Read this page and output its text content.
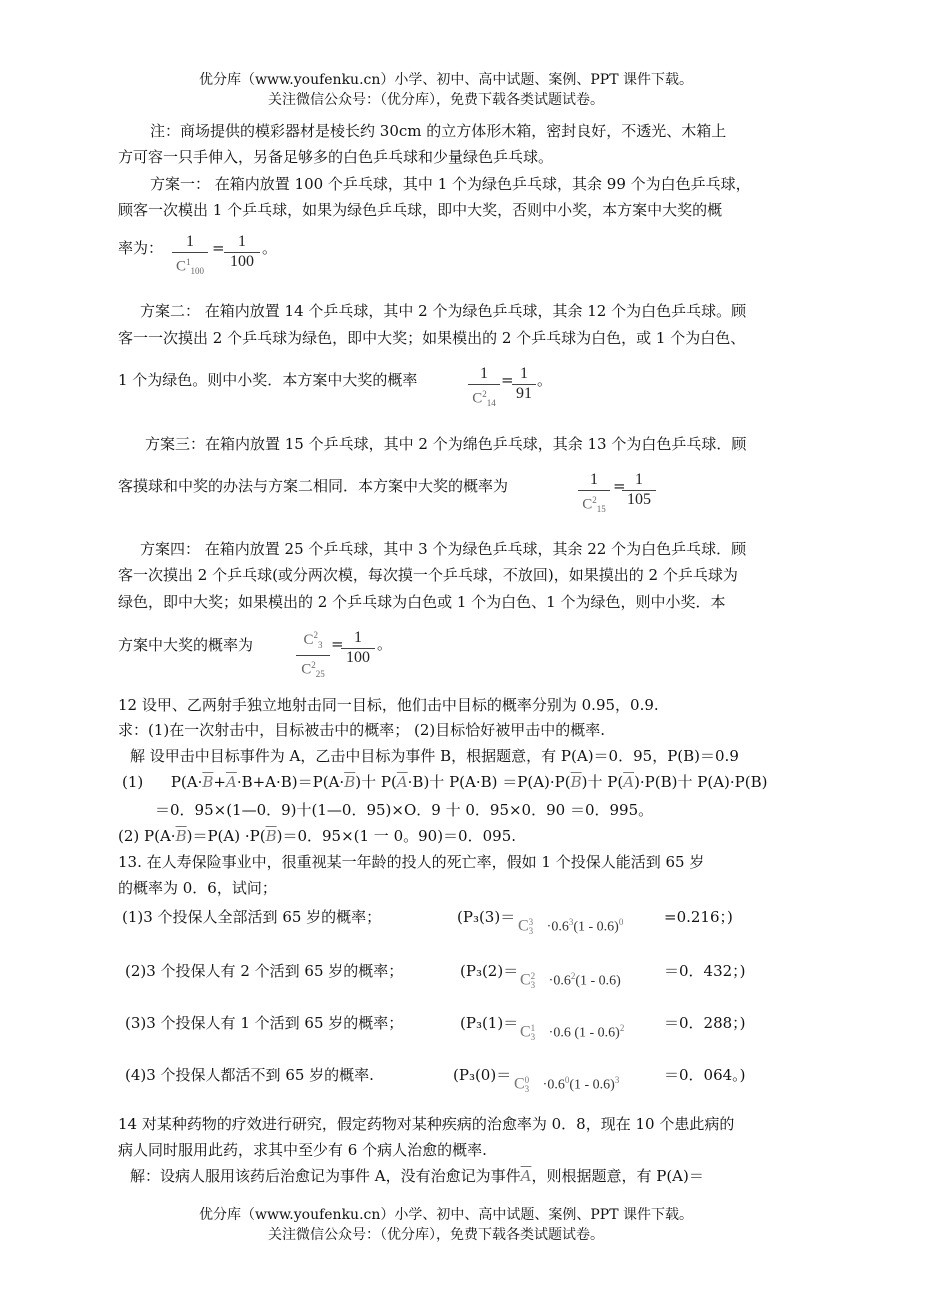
优分库（www.youfenku.cn）小学、初中、高中试题、案例、PPT 课件下载。
关注微信公众号：（优分库），免费下载各类试题试卷。
注：商场提供的模彩器材是棱长约 30cm 的立方体形木箱，密封良好，不透光、木箱上
方可容一只手伸入，另备足够多的白色乒乓球和少量绿色乒乓球。
方案一： 在箱内放置 100 个乒乓球，其中 1 个为绿色乒乓球，其余 99 个为白色乒乓球，
顾客一次模出 1 个乒乓球，如果为绿色乒乓球，即中大奖，否则中小奖，本方案中大奖的概
率为：	1
$C^1_{100}$
= 1
100
。
方案二： 在箱内放置 14 个乒乓球，其中 2 个为绿色乒乓球，其余 12 个为白色乒乓球。顾
客一一次摸出 2 个乒乓球为绿色，即中大奖；如果模出的 2 个乒乓球为白色，或 1 个为白色、
1 个为绿色。则中小奖．本方案中大奖的概率	1
$C^2_{14}$
= 1
91
。
方案三：在箱内放置 15 个乒乓球，其中 2 个为绵色乒乓球，其余 13 个为白色乒乓球．顾
客摸球和中奖的办法与方案二相同．本方案中大奖的概率为	1
$C^2_{15}$
= 1
105
方案四： 在箱内放置 25 个乒乓球，其中 3 个为绿色乒乓球，其余 22 个为白色乒乓球．顾
客一次摸出 2 个乒乓球(或分两次模，每次摸一个乒乓球，不放回)，如果摸出的 2 个乒乓球为
绿色，即中大奖；如果模出的 2 个乒乓球为白色或 1 个为白色、1 个为绿色，则中小奖．本
方案中大奖的概率为	$C^2_3$
$C^2_{25}$
= 1
100
。
12 设甲、乙两射手独立地射击同一目标，他们击中目标的概率分别为 0.95，0.9.
求：(1)在一次射击中，目标被击中的概率； (2)目标恰好被甲击中的概率.
解 设甲击中目标事件为 A，乙击中目标为事件 B，根据题意，有 P(A)＝0．95，P(B)＝0.9
(1) $P(A\cdot\overline{B}+\overline{A}\cdot B+A\cdot B)=P(A\cdot\overline{B})$十 $P(\overline{A}\cdot B)$十 $P(A\cdot B) =P(A)\cdot P(\overline{B})$十 $P(\overline{A})\cdot P(B)$十 P(A)·P(B)
＝0．95×(1—0．9)十(1—0．95)×O．9 十 0．95×0．90 ＝0．995。
(2) $P(A\cdot\overline{B})=P(A) \cdot P(\overline{B})=0$．95×(1 一 0。90)＝0．095.
13. 在人寿保险事业中，很重视某一年龄的投人的死亡率，假如 1 个投保人能活到 65 岁
的概率为 0．6，试问；
(1)3 个投保人全部活到 65 岁的概率；	(P₃(3)＝
C 3
$3 \cdot 0.6^3(1 - 0.6)^0$	=0.216；)
(2)3 个投保人有 2 个活到 65 岁的概率；	(P₃(2)＝
C 2
$3 \cdot 0.6^2(1 - 0.6)$
＝0．432；)
(3)3 个投保人有 1 个活到 65 岁的概率；	(P₃(1)＝
C 1
3 ·0.6 (1 - 0.6)$^2$	＝0．288；)
(4)3 个投保人都活不到 65 岁的概率.	(P₃(0)＝
C 0
$3 \cdot 0.6^0(1 - 0.6)^3$	＝0．064。)
14 对某种药物的疗效进行研究，假定药物对某种疾病的治愈率为 0．8，现在 10 个患此病的
病人同时服用此药，求其中至少有 6 个病人治愈的概率.
解：设病人服用该药后治愈记为事件 A，没有治愈记为事件$\overline{A}$，则根据题意，有 P(A)＝
优分库（www.youfenku.cn）小学、初中、高中试题、案例、PPT 课件下载。
关注微信公众号：（优分库），免费下载各类试题试卷。
